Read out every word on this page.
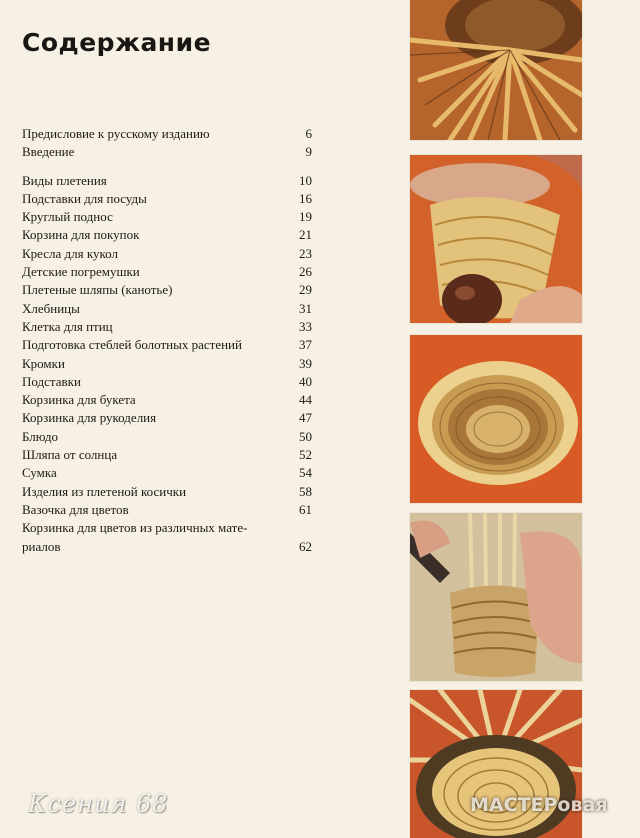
Содержание
Предисловие к русскому изданию	6
Введение	9
Виды плетения	10
Подставки для посуды	16
Круглый поднос	19
Корзина для покупок	21
Кресла для кукол	23
Детские погремушки	26
Плетеные шляпы (канотье)	29
Хлебницы	31
Клетка для птиц	33
Подготовка стеблей болотных растений	37
Кромки	39
Подставки	40
Корзинка для букета	44
Корзинка для рукоделия	47
Блюдо	50
Шляпа от солнца	52
Сумка	54
Изделия из плетеной косички	58
Вазочка для цветов	61
Корзинка для цветов из различных мате-
риалов	62
Ксения 68	МАСТЕРовая
